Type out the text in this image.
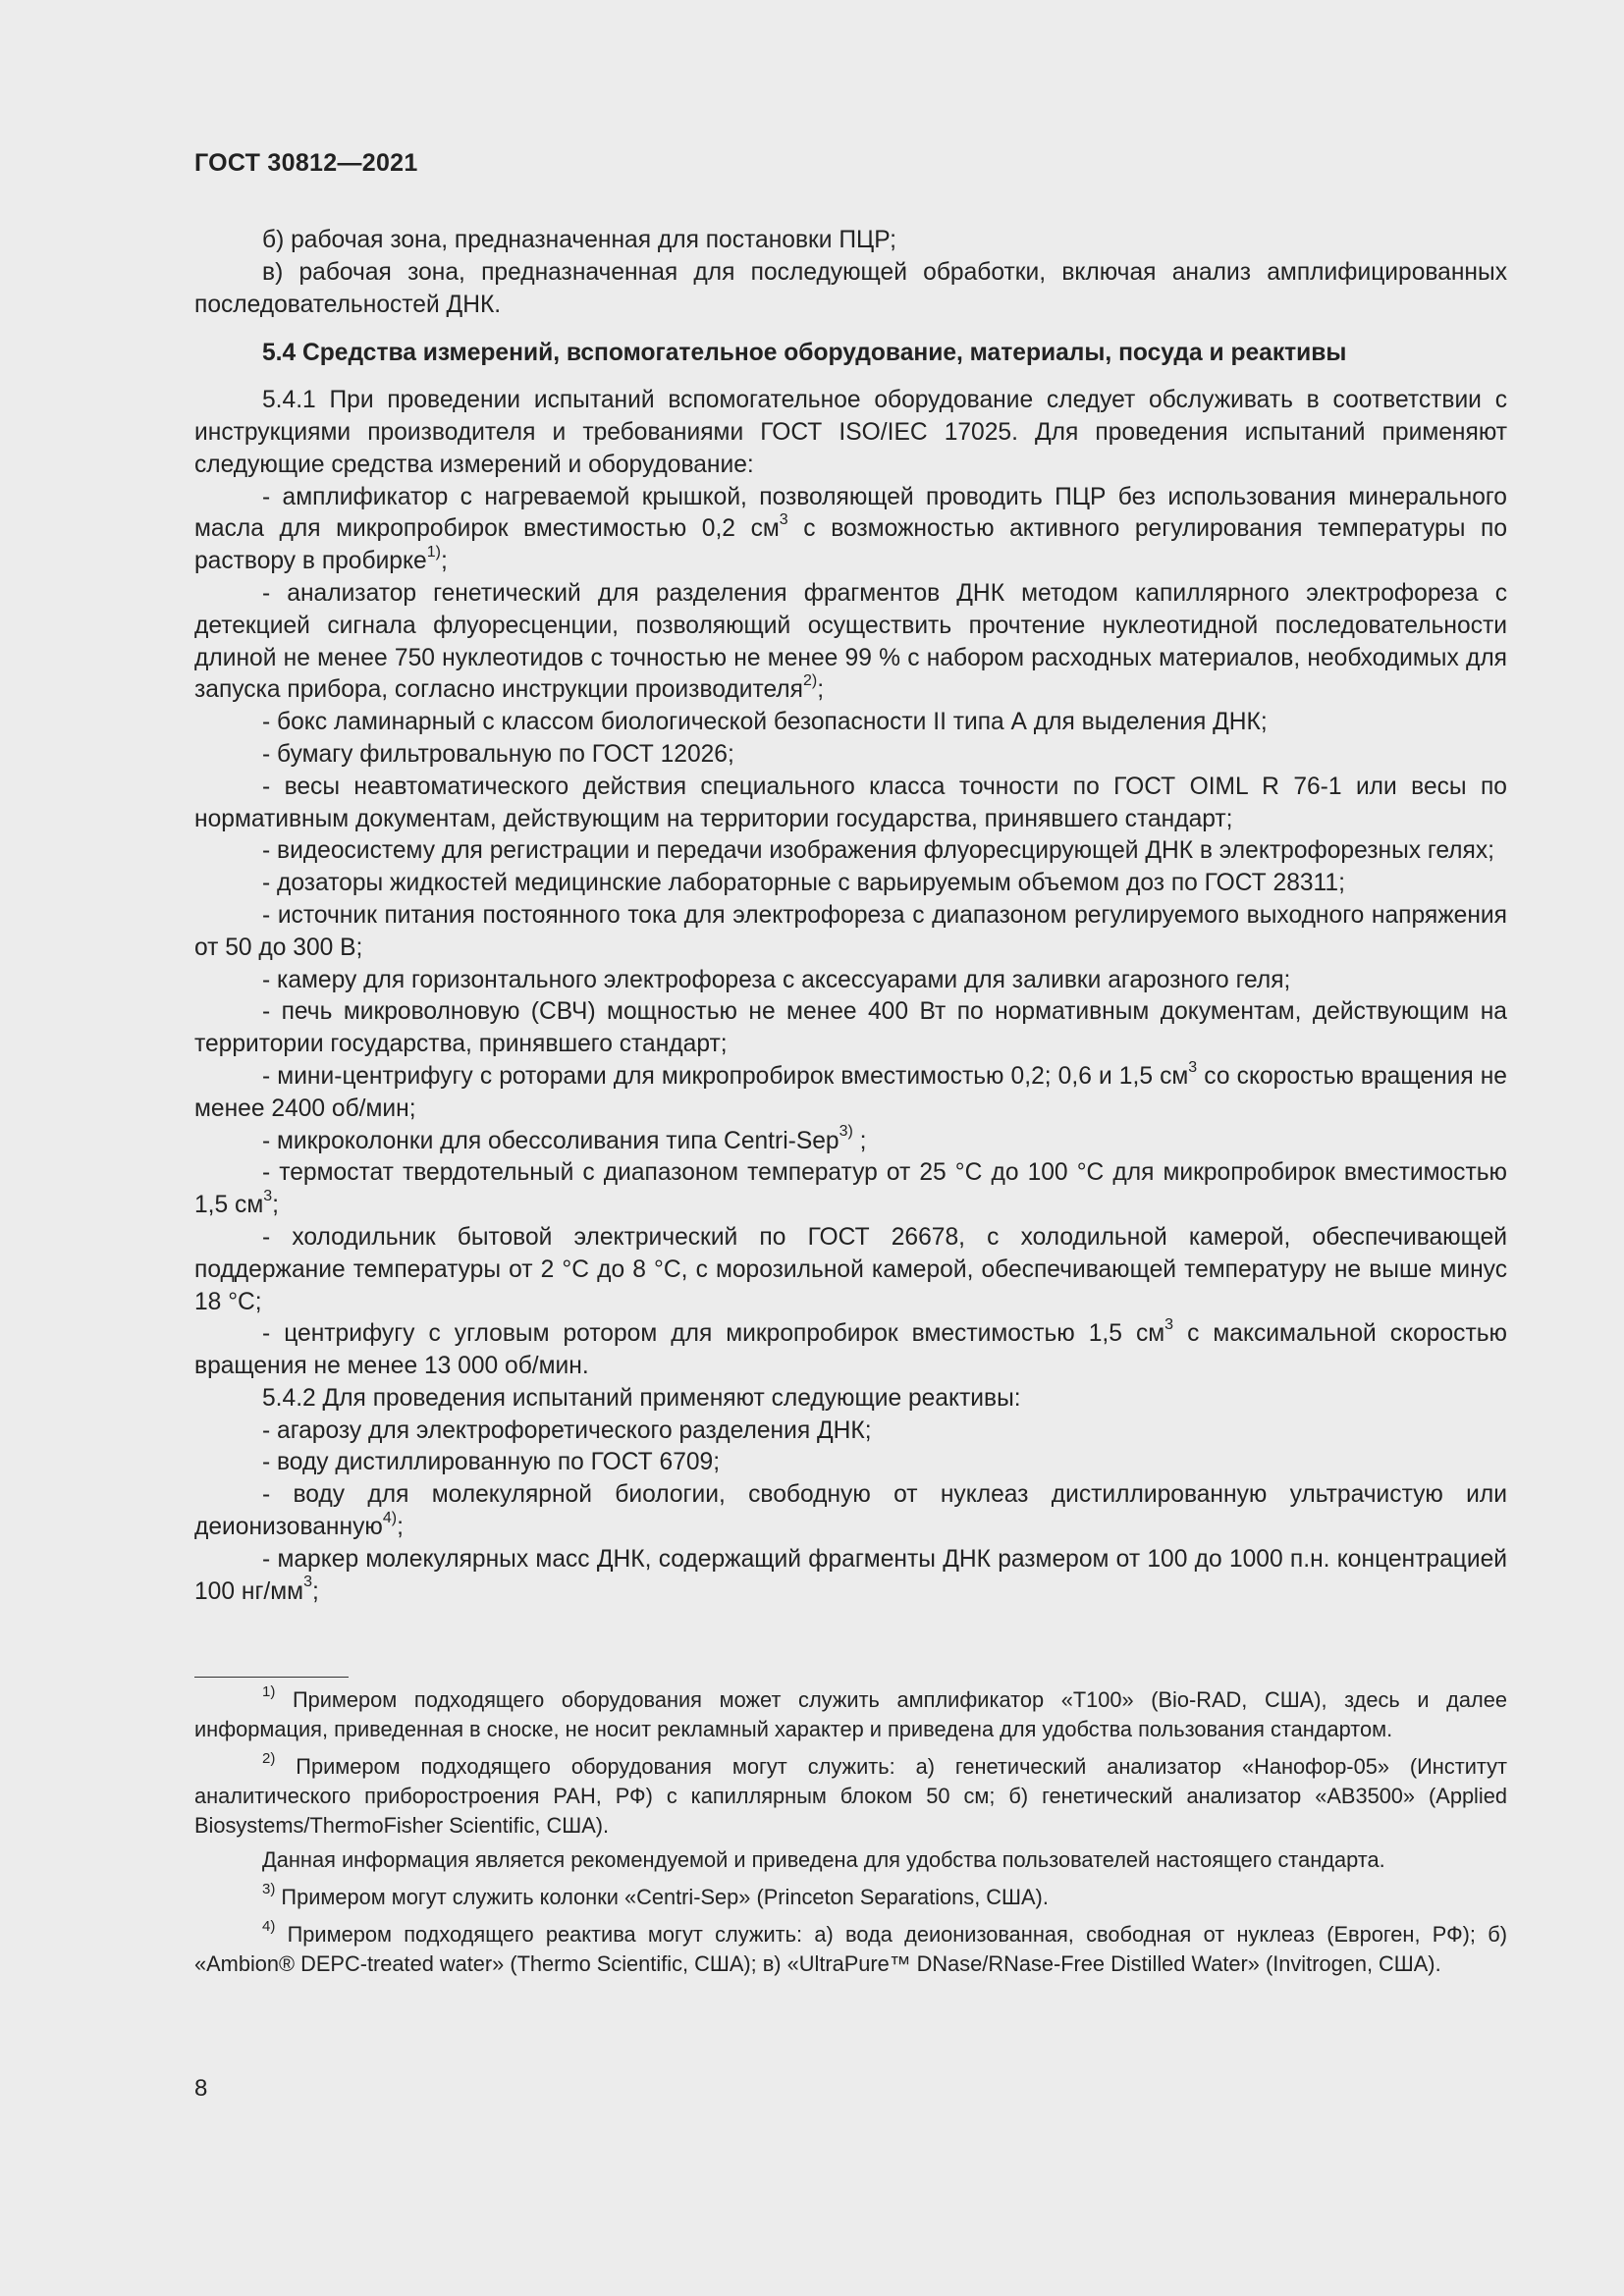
ГОСТ 30812—2021

б) рабочая зона, предназначенная для постановки ПЦР;

в) рабочая зона, предназначенная для последующей обработки, включая анализ амплифицированных последовательностей ДНК.

5.4 Средства измерений, вспомогательное оборудование, материалы, посуда и реактивы

5.4.1 При проведении испытаний вспомогательное оборудование следует обслуживать в соответствии с инструкциями производителя и требованиями ГОСТ ISO/IEC 17025. Для проведения испытаний применяют следующие средства измерений и оборудование:

- амплификатор с нагреваемой крышкой, позволяющей проводить ПЦР без использования минерального масла для микропробирок вместимостью 0,2 $см^3$ с возможностью активного регулирования температуры по раствору в пробирке$^{1)}$;

- анализатор генетический для разделения фрагментов ДНК методом капиллярного электрофореза с детекцией сигнала флуоресценции, позволяющий осуществить прочтение нуклеотидной последовательности длиной не менее 750 нуклеотидов с точностью не менее 99 % с набором расходных материалов, необходимых для запуска прибора, согласно инструкции производителя$^{2)}$;

- бокс ламинарный с классом биологической безопасности II типа А для выделения ДНК;

- бумагу фильтровальную по ГОСТ 12026;

- весы неавтоматического действия специального класса точности по ГОСТ OIML R 76-1 или весы по нормативным документам, действующим на территории государства, принявшего стандарт;

- видеосистему для регистрации и передачи изображения флуоресцирующей ДНК в электрофорезных гелях;

- дозаторы жидкостей медицинские лабораторные с варьируемым объемом доз по ГОСТ 28311;

- источник питания постоянного тока для электрофореза с диапазоном регулируемого выходного напряжения от 50 до 300 В;

- камеру для горизонтального электрофореза с аксессуарами для заливки агарозного геля;

- печь микроволновую (СВЧ) мощностью не менее 400 Вт по нормативным документам, действующим на территории государства, принявшего стандарт;

- мини-центрифугу с роторами для микропробирок вместимостью 0,2; 0,6 и 1,5 $см^3$ со скоростью вращения не менее 2400 об/мин;

- микроколонки для обессоливания типа Centri-Sep$^{3)}$ ;

- термостат твердотельный с диапазоном температур от 25 °С до 100 °С для микропробирок вместимостью 1,5 $см^3$;

- холодильник бытовой электрический по ГОСТ 26678, с холодильной камерой, обеспечивающей поддержание температуры от 2 °С до 8 °С, с морозильной камерой, обеспечивающей температуру не выше минус 18 °С;

- центрифугу с угловым ротором для микропробирок вместимостью 1,5 $см^3$ с максимальной скоростью вращения не менее 13 000 об/мин.

5.4.2 Для проведения испытаний применяют следующие реактивы:

- агарозу для электрофоретического разделения ДНК;

- воду дистиллированную по ГОСТ 6709;

- воду для молекулярной биологии, свободную от нуклеаз дистиллированную ультрачистую или деионизованную$^{4)}$;

- маркер молекулярных масс ДНК, содержащий фрагменты ДНК размером от 100 до 1000 п.н. концентрацией 100 $нг/мм^3$;

$^{1)}$ Примером подходящего оборудования может служить амплификатор «Т100» (Bio-RAD, США), здесь и далее информация, приведенная в сноске, не носит рекламный характер и приведена для удобства пользования стандартом.

$^{2)}$ Примером подходящего оборудования могут служить: а) генетический анализатор «Нанофор-05» (Институт аналитического приборостроения РАН, РФ) с капиллярным блоком 50 см; б) генетический анализатор «АВ3500» (Applied Biosystems/ThermoFisher Scientific, США).

Данная информация является рекомендуемой и приведена для удобства пользователей настоящего стандарта.

$^{3)}$ Примером могут служить колонки «Centri-Sep» (Princeton Separations, США).

$^{4)}$ Примером подходящего реактива могут служить: а) вода деионизованная, свободная от нуклеаз (Евроген, РФ); б) «Ambion® DEPC-treated water» (Thermo Scientific, США); в) «UltraPure™ DNase/RNase-Free Distilled Water» (Invitrogen, США).

8
